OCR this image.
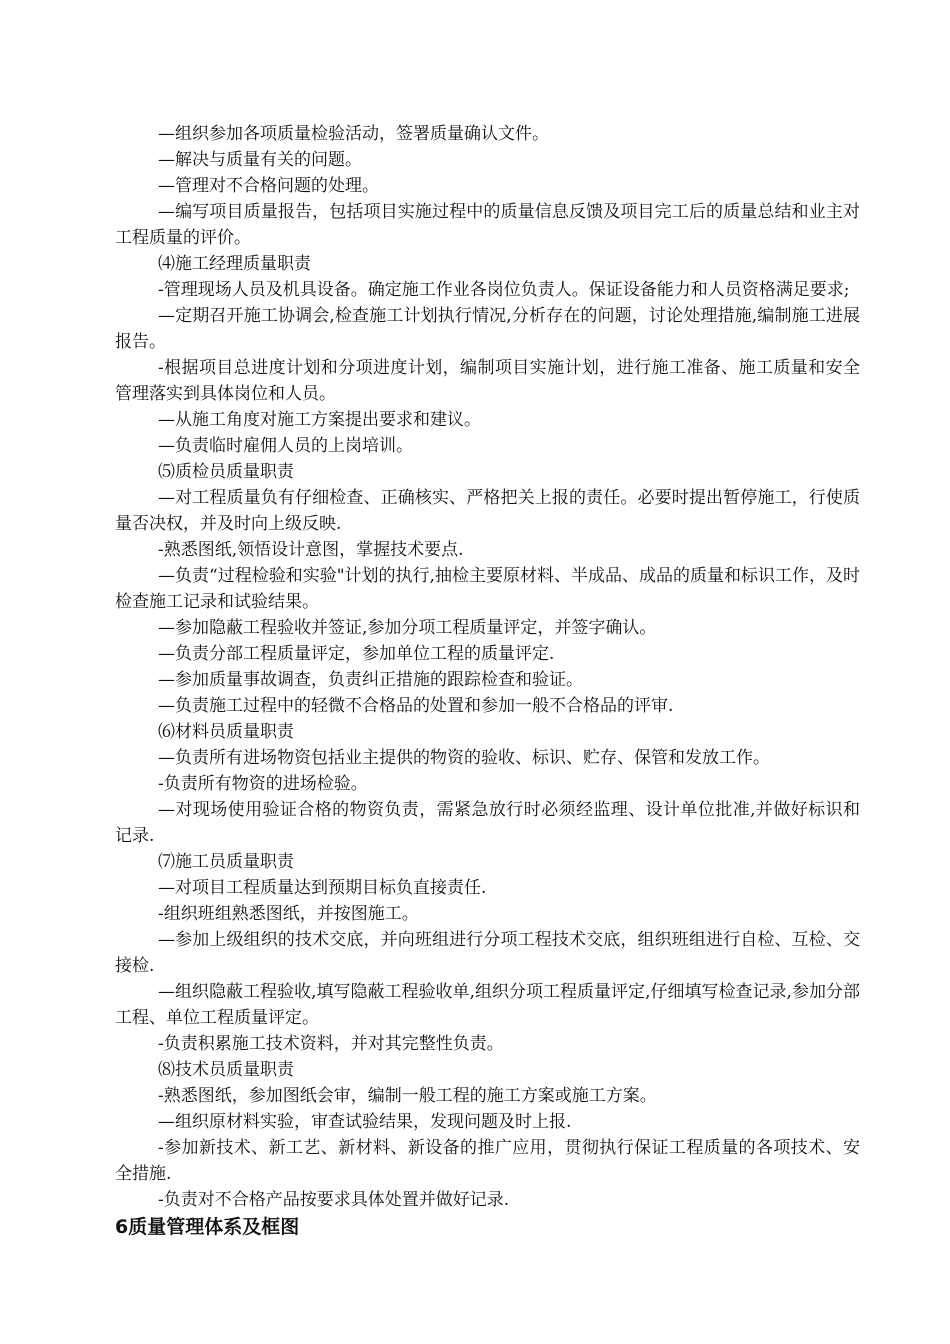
—组织参加各项质量检验活动，签署质量确认文件。

—解决与质量有关的问题。

—管理对不合格问题的处理。

—编写项目质量报告，包括项目实施过程中的质量信息反馈及项目完工后的质量总结和业主对工程质量的评价。

⑷施工经理质量职责

-管理现场人员及机具设备。确定施工作业各岗位负责人。保证设备能力和人员资格满足要求;

—定期召开施工协调会,检查施工计划执行情况,分析存在的问题，讨论处理措施,编制施工进展报告。

-根据项目总进度计划和分项进度计划，编制项目实施计划，进行施工准备、施工质量和安全管理落实到具体岗位和人员。

—从施工角度对施工方案提出要求和建议。

—负责临时雇佣人员的上岗培训。

⑸质检员质量职责

—对工程质量负有仔细检查、正确核实、严格把关上报的责任。必要时提出暂停施工，行使质量否决权，并及时向上级反映.

-熟悉图纸,领悟设计意图，掌握技术要点.

—负责“过程检验和实验"计划的执行,抽检主要原材料、半成品、成品的质量和标识工作，及时检查施工记录和试验结果。

—参加隐蔽工程验收并签证,参加分项工程质量评定，并签字确认。

—负责分部工程质量评定，参加单位工程的质量评定.

—参加质量事故调查，负责纠正措施的跟踪检查和验证。

—负责施工过程中的轻微不合格品的处置和参加一般不合格品的评审.

⑹材料员质量职责

—负责所有进场物资包括业主提供的物资的验收、标识、贮存、保管和发放工作。

-负责所有物资的进场检验。

—对现场使用验证合格的物资负责，需紧急放行时必须经监理、设计单位批准,并做好标识和记录.

⑺施工员质量职责

—对项目工程质量达到预期目标负直接责任.

-组织班组熟悉图纸，并按图施工。

—参加上级组织的技术交底，并向班组进行分项工程技术交底，组织班组进行自检、互检、交接检.

—组织隐蔽工程验收,填写隐蔽工程验收单,组织分项工程质量评定,仔细填写检查记录,参加分部工程、单位工程质量评定。

-负责积累施工技术资料，并对其完整性负责。

⑻技术员质量职责

-熟悉图纸，参加图纸会审，编制一般工程的施工方案或施工方案。

—组织原材料实验，审查试验结果，发现问题及时上报.

-参加新技术、新工艺、新材料、新设备的推广应用，贯彻执行保证工程质量的各项技术、安全措施.

-负责对不合格产品按要求具体处置并做好记录.

6质量管理体系及框图
